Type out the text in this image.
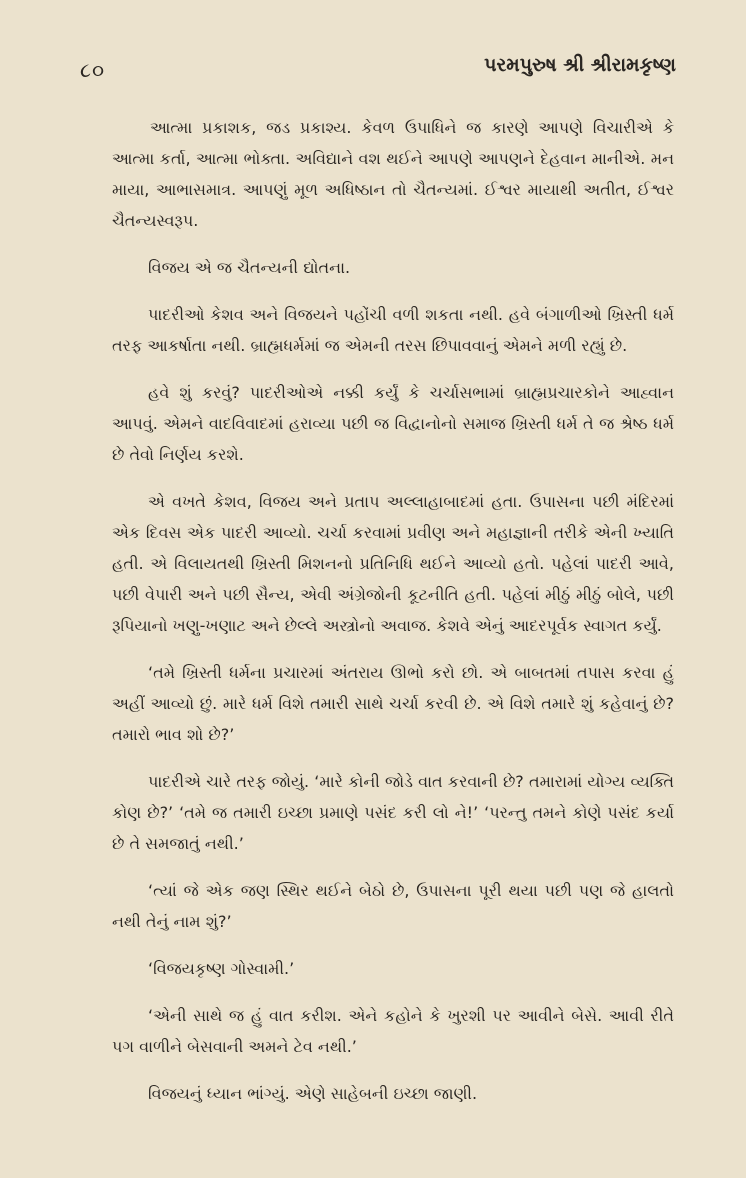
૮૦	પરમપુરુષ શ્રી શ્રીરામકૃષ્ણ

આત્મા પ્રકાશક, જડ પ્રકાશ્ય. કેવળ ઉપાધિને જ કારણે આપણે વિચારીએ કે આત્મા કર્તા, આત્મા ભોક્તા. અવિદ્યાને વશ થઈને આપણે આપણને દેહવાન માનીએ. મન માયા, આભાસમાત્ર. આપણું મૂળ અધિષ્ઠાન તો ચૈતન્યમાં. ઈશ્વર માયાથી અતીત, ઈશ્વર ચૈતન્યસ્વરૂપ.

વિજય એ જ ચૈતન્યની દ્યોતના.

પાદરીઓ કેશવ અને વિજયને પહોંચી વળી શકતા નથી. હવે બંગાળીઓ ખ્રિસ્તી ધર્મ તરફ આકર્ષાતા નથી. બ્રાહ્મધર્મમાં જ એમની તરસ છિપાવવાનું એમને મળી રહ્યું છે.

હવે શું કરવું? પાદરીઓએ નક્કી કર્યું કે ચર્ચાસભામાં બ્રાહ્મપ્રચારકોને આહ્વાન આપવું. એમને વાદવિવાદમાં હરાવ્યા પછી જ વિદ્વાનોનો સમાજ ખ્રિસ્તી ધર્મ તે જ શ્રેષ્ઠ ધર્મ છે તેવો નિર્ણય કરશે.

એ વખતે કેશવ, વિજય અને પ્રતાપ અલ્લાહાબાદમાં હતા. ઉપાસના પછી મંદિરમાં એક દિવસ એક પાદરી આવ્યો. ચર્ચા કરવામાં પ્રવીણ અને મહાજ્ઞાની તરીકે એની ખ્યાતિ હતી. એ વિલાયતથી ખ્રિસ્તી મિશનનો પ્રતિનિધિ થઈને આવ્યો હતો. પહેલાં પાદરી આવે, પછી વેપારી અને પછી સૈન્ય, એવી અંગ્રેજોની કૂટનીતિ હતી. પહેલાં મીઠું મીઠું બોલે, પછી રૂપિયાનો ખણુ-ખણાટ અને છેલ્લે અસ્ત્રોનો અવાજ. કેશવે એનું આદરપૂર્વક સ્વાગત કર્યું.

‘તમે ખ્રિસ્તી ધર્મના પ્રચારમાં અંતરાય ઊભો કરો છો. એ બાબતમાં તપાસ કરવા હું અહીં આવ્યો છું. મારે ધર્મ વિશે તમારી સાથે ચર્ચા કરવી છે. એ વિશે તમારે શું કહેવાનું છે? તમારો ભાવ શો છે?’

પાદરીએ ચારે તરફ જોયું. ‘મારે કોની જોડે વાત કરવાની છે? તમારામાં યોગ્ય વ્યક્તિ કોણ છે?’ ‘તમે જ તમારી ઇચ્છા પ્રમાણે પસંદ કરી લો ને!’ ‘પરન્તુ તમને કોણે પસંદ કર્યા છે તે સમજાતું નથી.’

‘ત્યાં જે એક જણ સ્થિર થઈને બેઠો છે, ઉપાસના પૂરી થયા પછી પણ જે હાલતો નથી તેનું નામ શું?’

‘વિજયકૃષ્ણ ગોસ્વામી.’

‘એની સાથે જ હું વાત કરીશ. એને કહોને કે ખુરશી પર આવીને બેસે. આવી રીતે પગ વાળીને બેસવાની અમને ટેવ નથી.’

વિજયનું ધ્યાન ભાંગ્યું. એણે સાહેબની ઇચ્છા જાણી.
